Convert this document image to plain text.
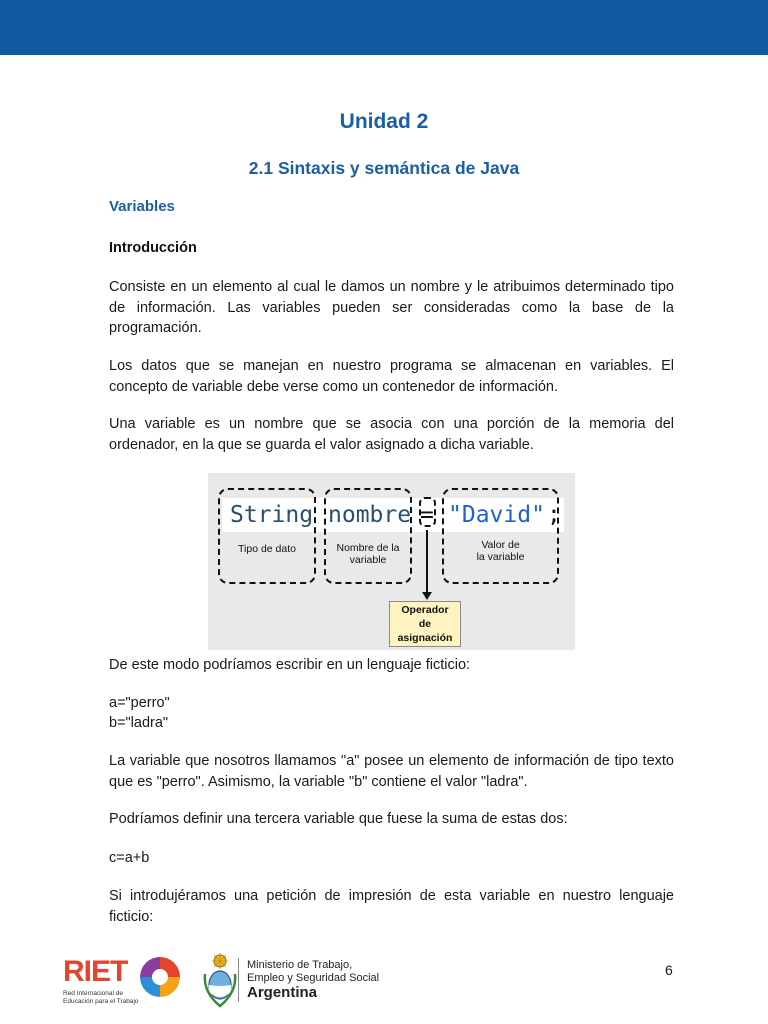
Unidad 2
2.1 Sintaxis y semántica de Java
Variables
Introducción

Consiste en un elemento al cual le damos un nombre y le atribuimos determinado tipo de información. Las variables pueden ser consideradas como la base de la programación.

Los datos que se manejan en nuestro programa se almacenan en variables. El concepto de variable debe verse como un contenedor de información.

Una variable es un nombre que se asocia con una porción de la memoria del ordenador, en la que se guarda el valor asignado a dicha variable.

String nombre = "David" ;
Tipo de dato	Nombre de la
variable
Valor de
la variable
Operador
de
asignación

De este modo podríamos escribir en un lenguaje ficticio:

a="perro"

b="ladra"

La variable que nosotros llamamos "a" posee un elemento de información de tipo texto que es "perro". Asimismo, la variable "b" contiene el valor "ladra".

Podríamos definir una tercera variable que fuese la suma de estas dos:

c=a+b

Si introdujéramos una petición de impresión de esta variable en nuestro lenguaje ficticio:

RIET
Red Internacional de
Educación para el Trabajo
Ministerio de Trabajo,
Empleo y Seguridad Social
Argentina
6
